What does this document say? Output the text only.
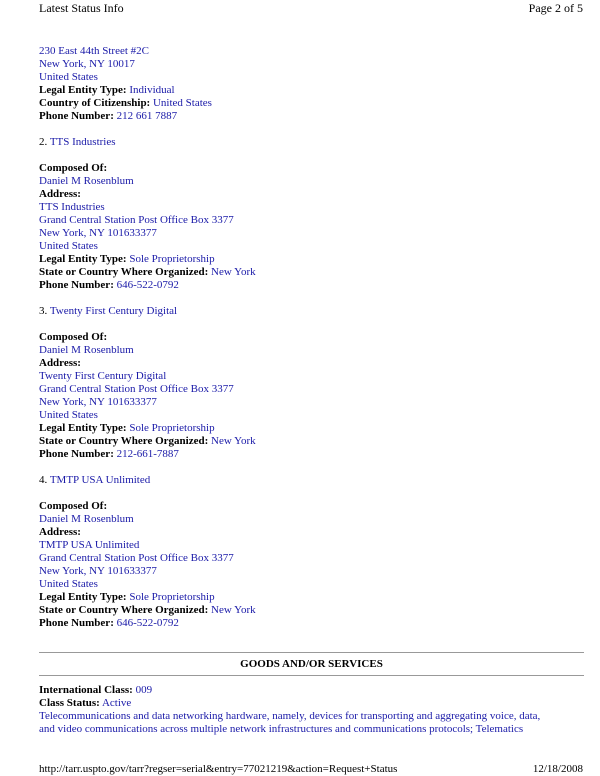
Latest Status Info	Page 2 of 5
230 East 44th Street #2C
New York, NY 10017
United States
Legal Entity Type: Individual
Country of Citizenship: United States
Phone Number: 212 661 7887
2. TTS Industries
Composed Of:
Daniel M Rosenblum
Address:
TTS Industries
Grand Central Station Post Office Box 3377
New York, NY 101633377
United States
Legal Entity Type: Sole Proprietorship
State or Country Where Organized: New York
Phone Number: 646-522-0792
3. Twenty First Century Digital
Composed Of:
Daniel M Rosenblum
Address:
Twenty First Century Digital
Grand Central Station Post Office Box 3377
New York, NY 101633377
United States
Legal Entity Type: Sole Proprietorship
State or Country Where Organized: New York
Phone Number: 212-661-7887
4. TMTP USA Unlimited
Composed Of:
Daniel M Rosenblum
Address:
TMTP USA Unlimited
Grand Central Station Post Office Box 3377
New York, NY 101633377
United States
Legal Entity Type: Sole Proprietorship
State or Country Where Organized: New York
Phone Number: 646-522-0792
GOODS AND/OR SERVICES
International Class: 009
Class Status: Active
Telecommunications and data networking hardware, namely, devices for transporting and aggregating voice, data,
and video communications across multiple network infrastructures and communications protocols; Telematics
http://tarr.uspto.gov/tarr?regser=serial&entry=77021219&action=Request+Status	12/18/2008
